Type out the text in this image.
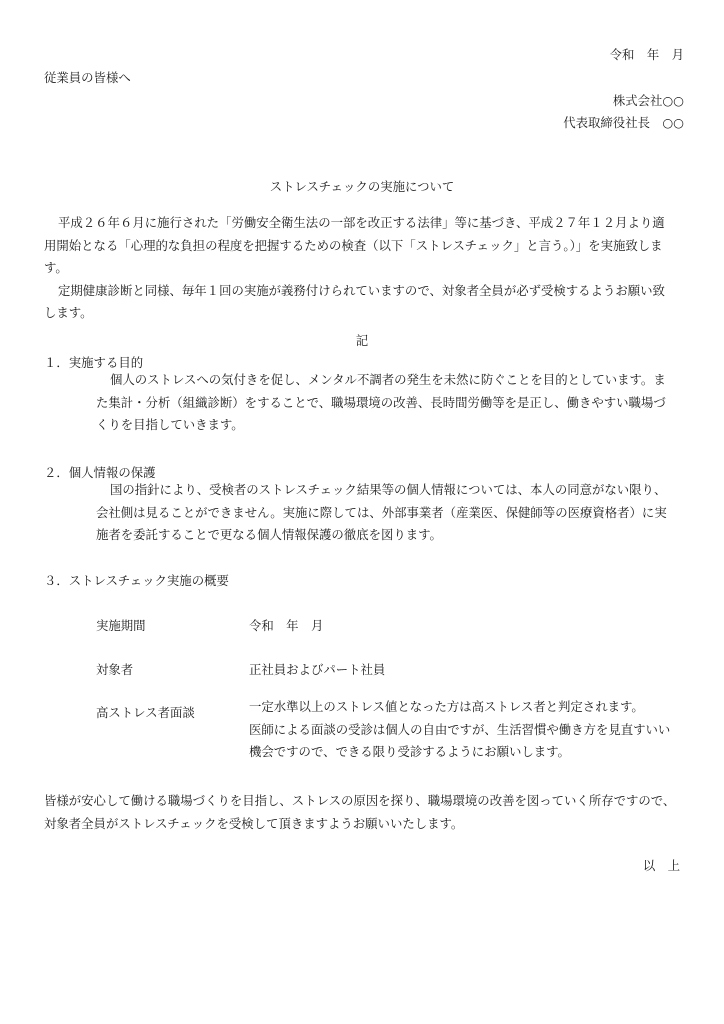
令和　年　月
従業員の皆様へ
株式会社○○
代表取締役社長　○○
ストレスチェックの実施について

平成２６年６月に施行された「労働安全衛生法の一部を改正する法律」等に基づき、平成２７年１２月より適

用開始となる「心理的な負担の程度を把握するための検査（以下「ストレスチェック」と言う。）」を実施致しま

す。

定期健康診断と同様、毎年１回の実施が義務付けられていますので、対象者全員が必ず受検するようお願い致

します。

記
１．実施する目的

個人のストレスへの気付きを促し、メンタル不調者の発生を未然に防ぐことを目的としています。ま

た集計・分析（組織診断）をすることで、職場環境の改善、長時間労働等を是正し、働きやすい職場づ

くりを目指していきます。

２．個人情報の保護

国の指針により、受検者のストレスチェック結果等の個人情報については、本人の同意がない限り、

会社側は見ることができません。実施に際しては、外部事業者（産業医、保健師等の医療資格者）に実

施者を委託することで更なる個人情報保護の徹底を図ります。

３．ストレスチェック実施の概要
実施期間	令和　年　月
対象者	正社員およびパート社員
高ストレス者面談	一定水準以上のストレス値となった方は高ストレス者と判定されます。

医師による面談の受診は個人の自由ですが、生活習慣や働き方を見直すいい

機会ですので、できる限り受診するようにお願いします。

皆様が安心して働ける職場づくりを目指し、ストレスの原因を探り、職場環境の改善を図っていく所存ですので、

対象者全員がストレスチェックを受検して頂きますようお願いいたします。

以　上
